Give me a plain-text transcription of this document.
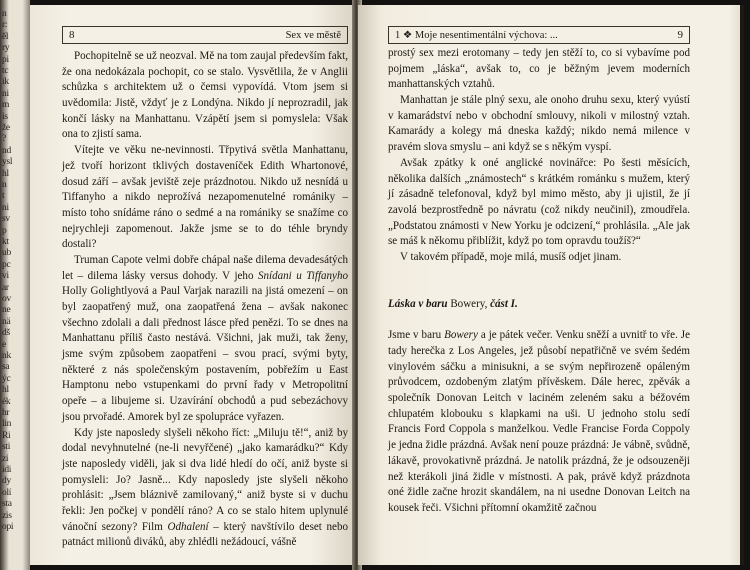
n
r:
ěl
ry
pi
tc
ik
ni
m
is
že
?
nd
ysl
hl
n
t
ni
sv
p
kt
ub
pc
vi
ar
ov
ne
nä
dš
e
nk
sa
ýc
hl
ék
hr
lin
Ri
sti
zi
idi
dy
olí
sta
zis
opi
8	Sex ve městě

Pochopitelně se už neozval. Mě na tom zaujal především fakt, že ona nedokázala pochopit, co se stalo. Vysvětlila, že v Anglii schůzka s architektem už o čemsi vypovídá. Vtom jsem si uvědomila: Jistě, vždyť je z Londýna. Nikdo jí neprozradil, jak končí lásky na Manhattanu. Vzápětí jsem si pomyslela: Však ona to zjistí sama.

Vítejte ve věku ne-nevinnosti. Třpytivá světla Manhattanu, jež tvoří horizont tklivých dostaveníček Edith Whartonové, dosud září – avšak jeviště zeje prázdnotou. Nikdo už nesnídá u Tiffanyho a nikdo neprožívá nezapomenutelné romániky – místo toho snídáme ráno o sedmé a na romániky se snažíme co nejrychleji zapomenout. Jakže jsme se to do téhle bryndy dostali?

Truman Capote velmi dobře chápal naše dilema devadesátých let – dilema lásky versus dohody. V jeho Snídani u Tiffanyho Holly Golightlyová a Paul Varjak narazili na jistá omezení – on byl zaopatřený muž, ona zaopatřená žena – avšak nakonec všechno zdolali a dali přednost lásce před penězi. To se dnes na Manhattanu příliš často nestává. Všichni, jak muži, tak ženy, jsme svým způsobem zaopatřeni – svou prací, svými byty, některé z nás společenským postavením, pobřežím u East Hamptonu nebo vstupenkami do první řady v Metropolitní opeře – a libujeme si. Uzavírání obchodů a pud sebezáchovy jsou prvořadé. Amorek byl ze spolupráce vyřazen.

Kdy jste naposledy slyšeli někoho říct: „Miluju tě!“, aniž by dodal nevyhnutelné (ne-li nevyřčené) „jako kamarádku?“ Kdy jste naposledy viděli, jak si dva lidé hledí do očí, aniž byste si pomysleli: Jo? Jasně... Kdy naposledy jste slyšeli někoho prohlásit: „Jsem bláznivě zamilovaný,“ aniž byste si v duchu řekli: Jen počkej v pondělí ráno? A co se stalo hitem uplynulé vánoční sezony? Film Odhalení – který navštívilo deset nebo patnáct milionů diváků, aby zhlédli nežádoucí, vášně

1 ❖ Moje nesentimentální výchova: ...	9

prostý sex mezi erotomany – tedy jen stěží to, co si vybavíme pod pojmem „láska“, avšak to, co je běžným jevem moderních manhattanských vztahů.

Manhattan je stále plný sexu, ale onoho druhu sexu, který vyústí v kamarádství nebo v obchodní smlouvy, nikoli v milostný vztah. Kamarády a kolegy má dneska každý; nikdo nemá milence v pravém slova smyslu – ani když se s někým vyspí.

Avšak zpátky k oné anglické novinářce: Po šesti měsících, několika dalších „známostech“ s krátkém románku s mužem, který jí zásadně telefonoval, když byl mimo město, aby ji ujistil, že jí zavolá bezprostředně po návratu (což nikdy neučinil), zmoudřela. „Podstatou známosti v New Yorku je odcizení,“ prohlásila. „Ale jak se máš k někomu přiblížit, když po tom opravdu toužíš?“

V takovém případě, moje milá, musíš odjet jinam.

Láska v baru Bowery, část I.

Jsme v baru Bowery a je pátek večer. Venku sněží a uvnitř to vře. Je tady herečka z Los Angeles, jež působí nepatřičně ve svém šedém vinylovém sáčku a minisukni, a se svým nepřirozeně opáleným průvodcem, ozdobeným zlatým přívěskem. Dále herec, zpěvák a společník Donovan Leitch v laciném zeleném saku a béžovém chlupatém klobouku s klapkami na uši. U jednoho stolu sedí Francis Ford Coppola s manželkou. Vedle Francise Forda Coppoly je jedna židle prázdná. Avšak není pouze prázdná: Je vábně, svůdně, lákavě, provokativně prázdná. Je natolik prázdná, že je odsouzeněji než kterákoli jiná židle v místnosti. A pak, právě když prázdnota oné židle začne hrozit skandálem, na ni usedne Donovan Leitch na kousek řeči. Všichni přítomní okamžitě začnou
